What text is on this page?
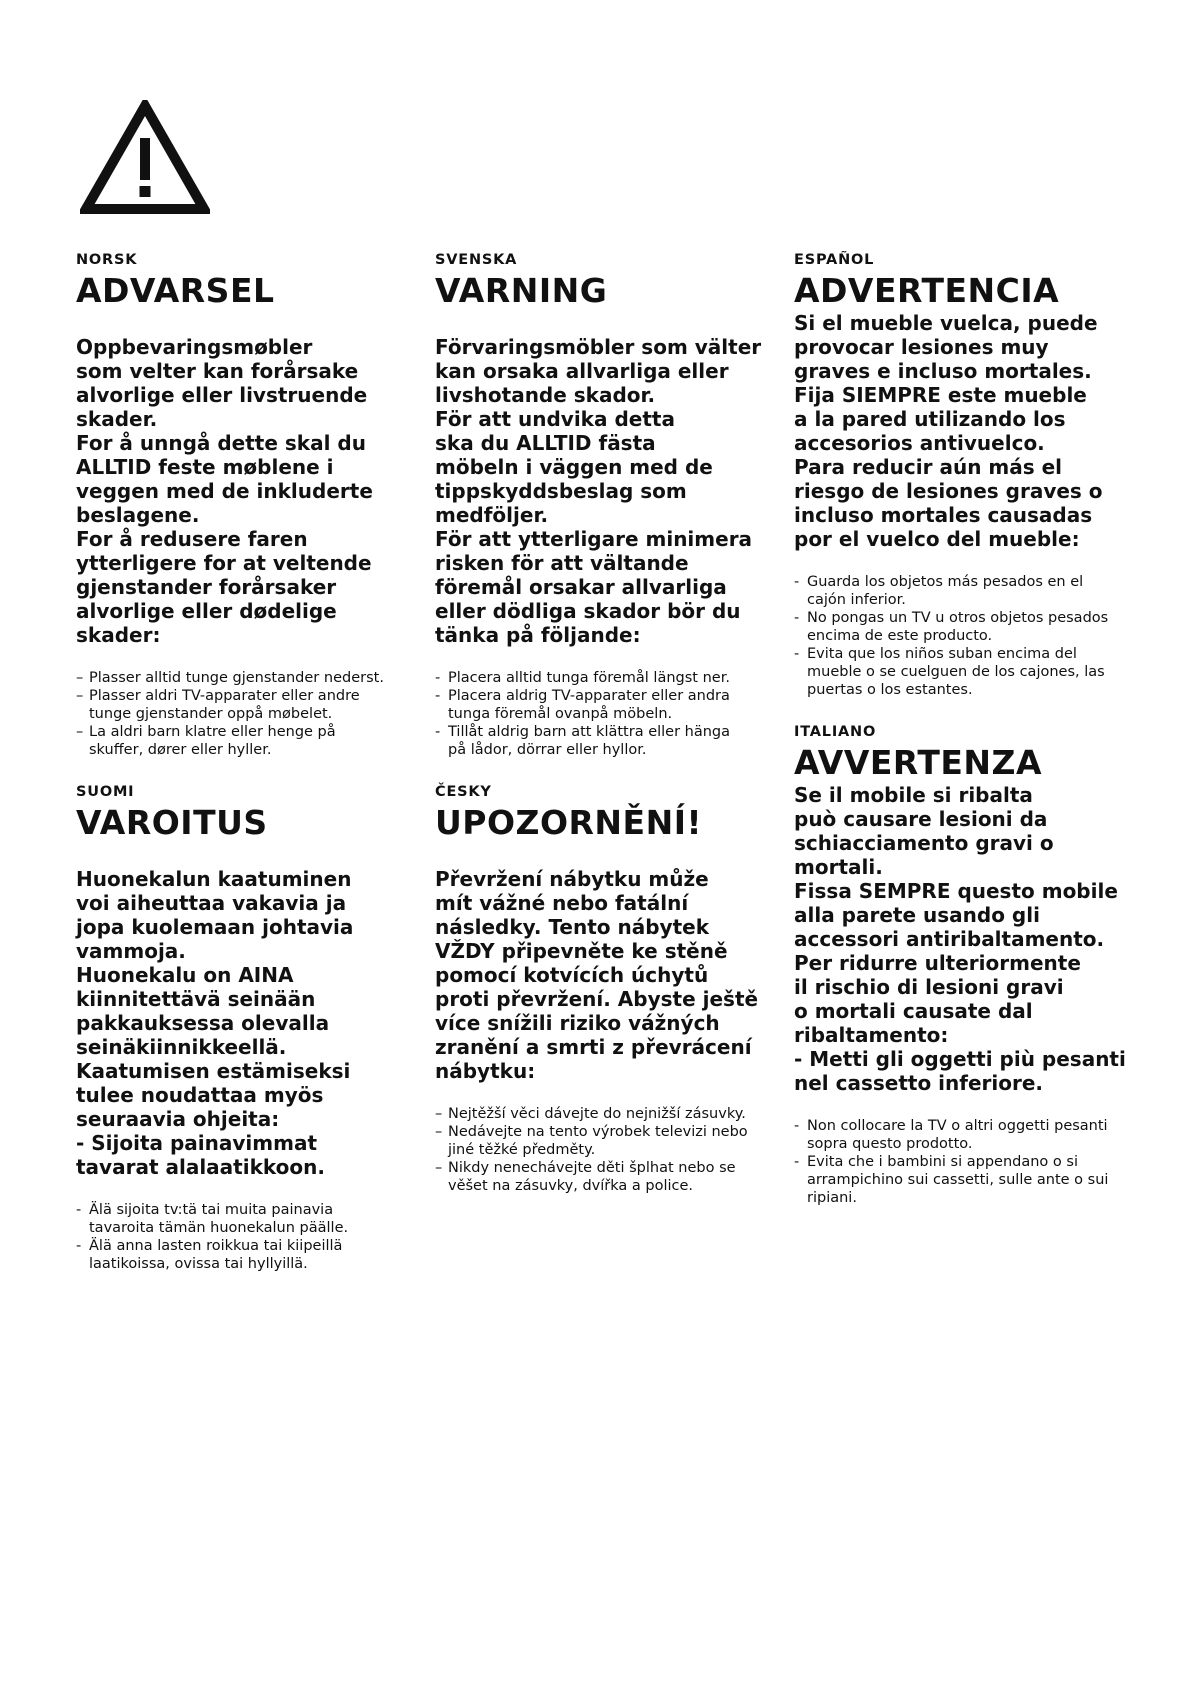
NORSK

ADVARSEL

Oppbevaringsmøbler
som velter kan forårsake
alvorlige eller livstruende
skader.
For å unngå dette skal du
ALLTID feste møblene i
veggen med de inkluderte
beslagene.
For å redusere faren
ytterligere for at veltende
gjenstander forårsaker
alvorlige eller dødelige
skader:

– Plasser alltid tunge gjenstander nederst.
– Plasser aldri TV-apparater eller andre
tunge gjenstander oppå møbelet.
– La aldri barn klatre eller henge på
skuffer, dører eller hyller.

SUOMI

VAROITUS

Huonekalun kaatuminen
voi aiheuttaa vakavia ja
jopa kuolemaan johtavia
vammoja.
Huonekalu on AINA
kiinnitettävä seinään
pakkauksessa olevalla
seinäkiinnikkeellä.
Kaatumisen estämiseksi
tulee noudattaa myös
seuraavia ohjeita:
- Sijoita painavimmat
tavarat alalaatikkoon.

- Älä sijoita tv:tä tai muita painavia
tavaroita tämän huonekalun päälle.
- Älä anna lasten roikkua tai kiipeillä
laatikoissa, ovissa tai hyllyillä.

SVENSKA

VARNING

Förvaringsmöbler som välter
kan orsaka allvarliga eller
livshotande skador.
För att undvika detta
ska du ALLTID fästa
möbeln i väggen med de
tippskyddsbeslag som
medföljer.
För att ytterligare minimera
risken för att vältande
föremål orsakar allvarliga
eller dödliga skador bör du
tänka på följande:

- Placera alltid tunga föremål längst ner.
- Placera aldrig TV-apparater eller andra
tunga föremål ovanpå möbeln.
- Tillåt aldrig barn att klättra eller hänga
på lådor, dörrar eller hyllor.

ČESKY

UPOZORNĚNÍ!

Převržení nábytku může
mít vážné nebo fatální
následky. Tento nábytek
VŽDY připevněte ke stěně
pomocí kotvících úchytů
proti převržení. Abyste ještě
více snížili riziko vážných
zranění a smrti z převrácení
nábytku:

– Nejtěžší věci dávejte do nejnižší zásuvky.
– Nedávejte na tento výrobek televizi nebo
jiné těžké předměty.
– Nikdy nenechávejte děti šplhat nebo se
věšet na zásuvky, dvířka a police.

ESPAÑOL

ADVERTENCIA

Si el mueble vuelca, puede
provocar lesiones muy
graves e incluso mortales.
Fija SIEMPRE este mueble
a la pared utilizando los
accesorios antivuelco.
Para reducir aún más el
riesgo de lesiones graves o
incluso mortales causadas
por el vuelco del mueble:

- Guarda los objetos más pesados en el
cajón inferior.
- No pongas un TV u otros objetos pesados
encima de este producto.
- Evita que los niños suban encima del
mueble o se cuelguen de los cajones, las
puertas o los estantes.

ITALIANO

AVVERTENZA

Se il mobile si ribalta
può causare lesioni da
schiacciamento gravi o
mortali.
Fissa SEMPRE questo mobile
alla parete usando gli
accessori antiribaltamento.
Per ridurre ulteriormente
il rischio di lesioni gravi
o mortali causate dal
ribaltamento:
- Metti gli oggetti più pesanti
nel cassetto inferiore.

- Non collocare la TV o altri oggetti pesanti
sopra questo prodotto.
- Evita che i bambini si appendano o si
arrampichino sui cassetti, sulle ante o sui
ripiani.
